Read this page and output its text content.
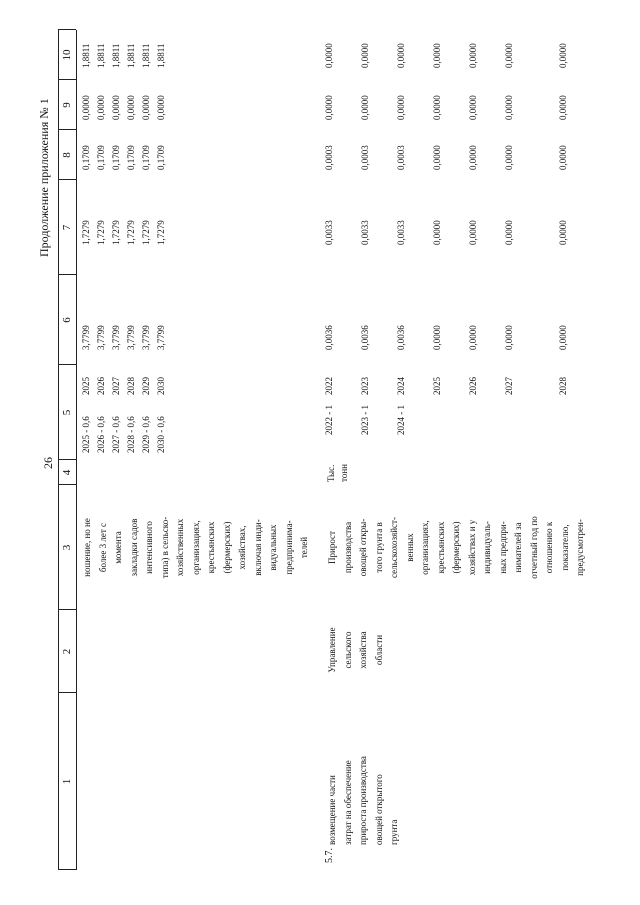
26
Продолжение приложения № 1
1
2
3
4
5
6
7
8
9
10
ношение, но не более 3 лет с момента закладки садов интенсивного типа) в сельско- хозяйственных организациях, крестьянских (фермерских) хозяйствах, включая инди- видуальных предпринима- телей
2025 - 0,6
2025
3,7799
1,7279
0,1709
0,0000
1,8811
2026 - 0,6
2026
3,7799
1,7279
0,1709
0,0000
1,8811
2027 - 0,6
2027
3,7799
1,7279
0,1709
0,0000
1,8811
2028 - 0,6
2028
3,7799
1,7279
0,1709
0,0000
1,8811
2029 - 0,6
2029
3,7799
1,7279
0,1709
0,0000
1,8811
2030 - 0,6
2030
3,7799
1,7279
0,1709
0,0000
1,8811
5.7.
возмещение части затрат на обеспечение прироста производства овощей открытого грунта
Управление сельского хозяйства области
Прирост производства овощей откры- того грунта в сельскохозяйст- венных организациях, крестьянских (фермерских) хозяйствах и у индивидуаль- ных предпри- нимателей за отчетный год по отношению к показателю, предусмотрен-
Тыс. тонн
2022 - 1
2022
0,0036
0,0033
0,0003
0,0000
0,0000
2023 - 1
2023
0,0036
0,0033
0,0003
0,0000
0,0000
2024 - 1
2024
0,0036
0,0033
0,0003
0,0000
0,0000
2025
0,0000
0,0000
0,0000
0,0000
0,0000
2026
0,0000
0,0000
0,0000
0,0000
0,0000
2027
0,0000
0,0000
0,0000
0,0000
0,0000
2028
0,0000
0,0000
0,0000
0,0000
0,0000
